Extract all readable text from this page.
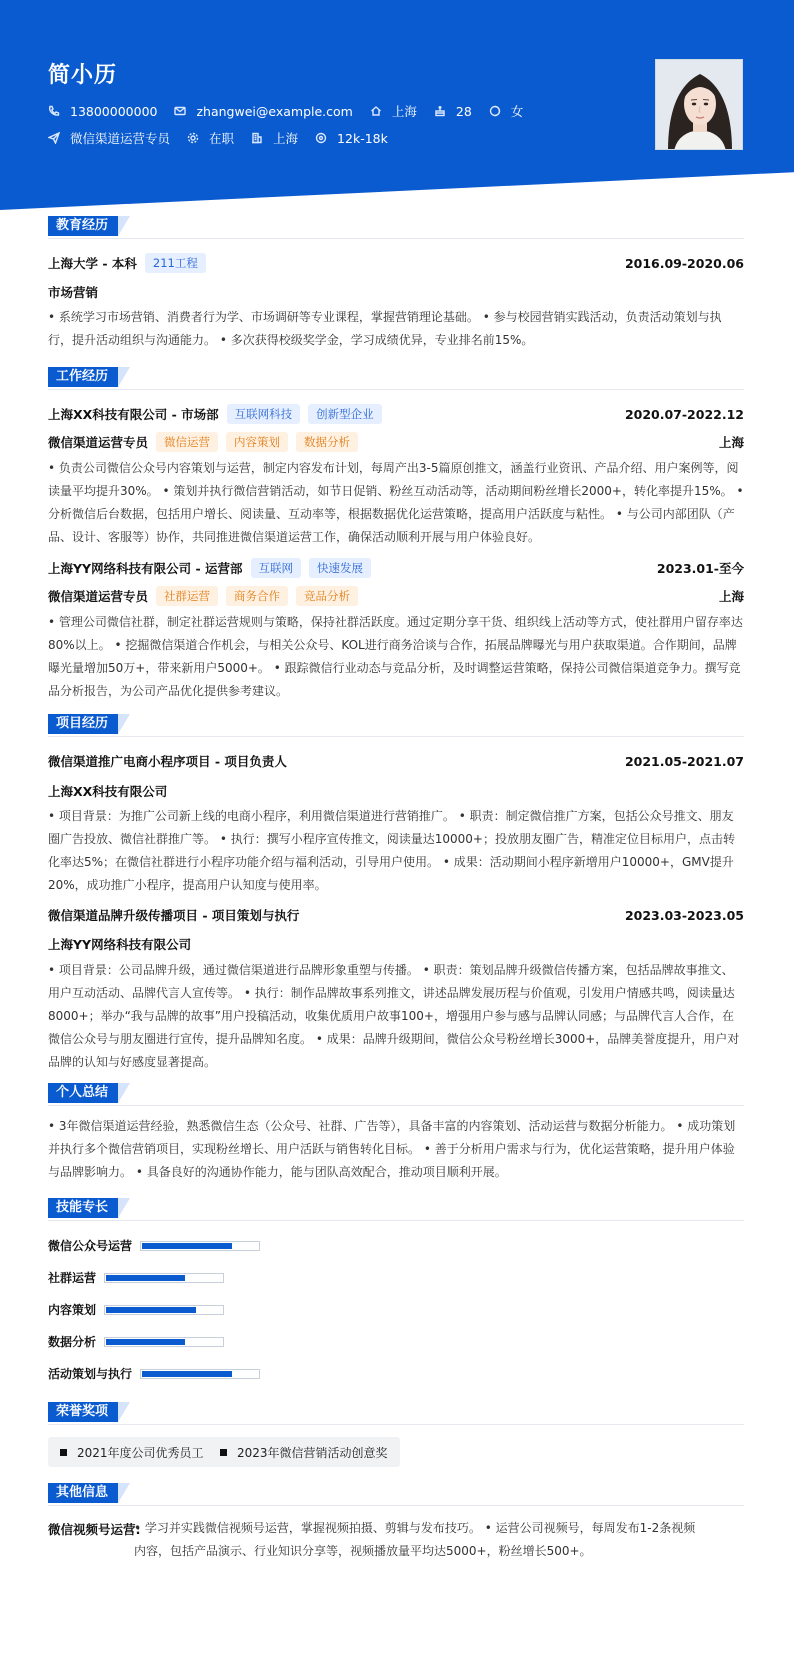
简小历
13800000000	zhangwei@example.com	上海	28	女
微信渠道运营专员	在职	上海	12k-18k
教育经历
上海大学 - 本科	211工程	2016.09-2020.06
市场营销
• 系统学习市场营销、消费者行为学、市场调研等专业课程，掌握营销理论基础。 • 参与校园营销实践活动，负责活动策划与执行，提升活动组织与沟通能力。 • 多次获得校级奖学金，学习成绩优异，专业排名前15%。
工作经历
上海XX科技有限公司 - 市场部	互联网科技	创新型企业	2020.07-2022.12
微信渠道运营专员	微信运营	内容策划	数据分析	上海
• 负责公司微信公众号内容策划与运营，制定内容发布计划，每周产出3-5篇原创推文，涵盖行业资讯、产品介绍、用户案例等，阅读量平均提升30%。 • 策划并执行微信营销活动，如节日促销、粉丝互动活动等，活动期间粉丝增长2000+，转化率提升15%。 • 分析微信后台数据，包括用户增长、阅读量、互动率等，根据数据优化运营策略，提高用户活跃度与粘性。 • 与公司内部团队（产品、设计、客服等）协作，共同推进微信渠道运营工作，确保活动顺利开展与用户体验良好。
上海YY网络科技有限公司 - 运营部	互联网	快速发展	2023.01-至今
微信渠道运营专员	社群运营	商务合作	竞品分析	上海
• 管理公司微信社群，制定社群运营规则与策略，保持社群活跃度。通过定期分享干货、组织线上活动等方式，使社群用户留存率达80%以上。 • 挖掘微信渠道合作机会，与相关公众号、KOL进行商务洽谈与合作，拓展品牌曝光与用户获取渠道。合作期间，品牌曝光量增加50万+，带来新用户5000+。 • 跟踪微信行业动态与竞品分析，及时调整运营策略，保持公司微信渠道竞争力。撰写竞品分析报告，为公司产品优化提供参考建议。
项目经历
微信渠道推广电商小程序项目 - 项目负责人	2021.05-2021.07
上海XX科技有限公司
• 项目背景：为推广公司新上线的电商小程序，利用微信渠道进行营销推广。 • 职责：制定微信推广方案，包括公众号推文、朋友圈广告投放、微信社群推广等。 • 执行：撰写小程序宣传推文，阅读量达10000+；投放朋友圈广告，精准定位目标用户，点击转化率达5%；在微信社群进行小程序功能介绍与福利活动，引导用户使用。 • 成果：活动期间小程序新增用户10000+，GMV提升20%，成功推广小程序，提高用户认知度与使用率。
微信渠道品牌升级传播项目 - 项目策划与执行	2023.03-2023.05
上海YY网络科技有限公司
• 项目背景：公司品牌升级，通过微信渠道进行品牌形象重塑与传播。 • 职责：策划品牌升级微信传播方案，包括品牌故事推文、用户互动活动、品牌代言人宣传等。 • 执行：制作品牌故事系列推文，讲述品牌发展历程与价值观，引发用户情感共鸣，阅读量达8000+；举办“我与品牌的故事”用户投稿活动，收集优质用户故事100+，增强用户参与感与品牌认同感；与品牌代言人合作，在微信公众号与朋友圈进行宣传，提升品牌知名度。 • 成果：品牌升级期间，微信公众号粉丝增长3000+，品牌美誉度提升，用户对品牌的认知与好感度显著提高。
个人总结
• 3年微信渠道运营经验，熟悉微信生态（公众号、社群、广告等），具备丰富的内容策划、活动运营与数据分析能力。 • 成功策划并执行多个微信营销项目，实现粉丝增长、用户活跃与销售转化目标。 • 善于分析用户需求与行为，优化运营策略，提升用户体验与品牌影响力。 • 具备良好的沟通协作能力，能与团队高效配合，推动项目顺利开展。
技能专长
微信公众号运营
社群运营
内容策划
数据分析
活动策划与执行
荣誉奖项
2021年度公司优秀员工	2023年微信营销活动创意奖
其他信息
微信视频号运营:
• 学习并实践微信视频号运营，掌握视频拍摄、剪辑与发布技巧。 • 运营公司视频号，每周发布1-2条视频内容，包括产品演示、行业知识分享等，视频播放量平均达5000+，粉丝增长500+。
